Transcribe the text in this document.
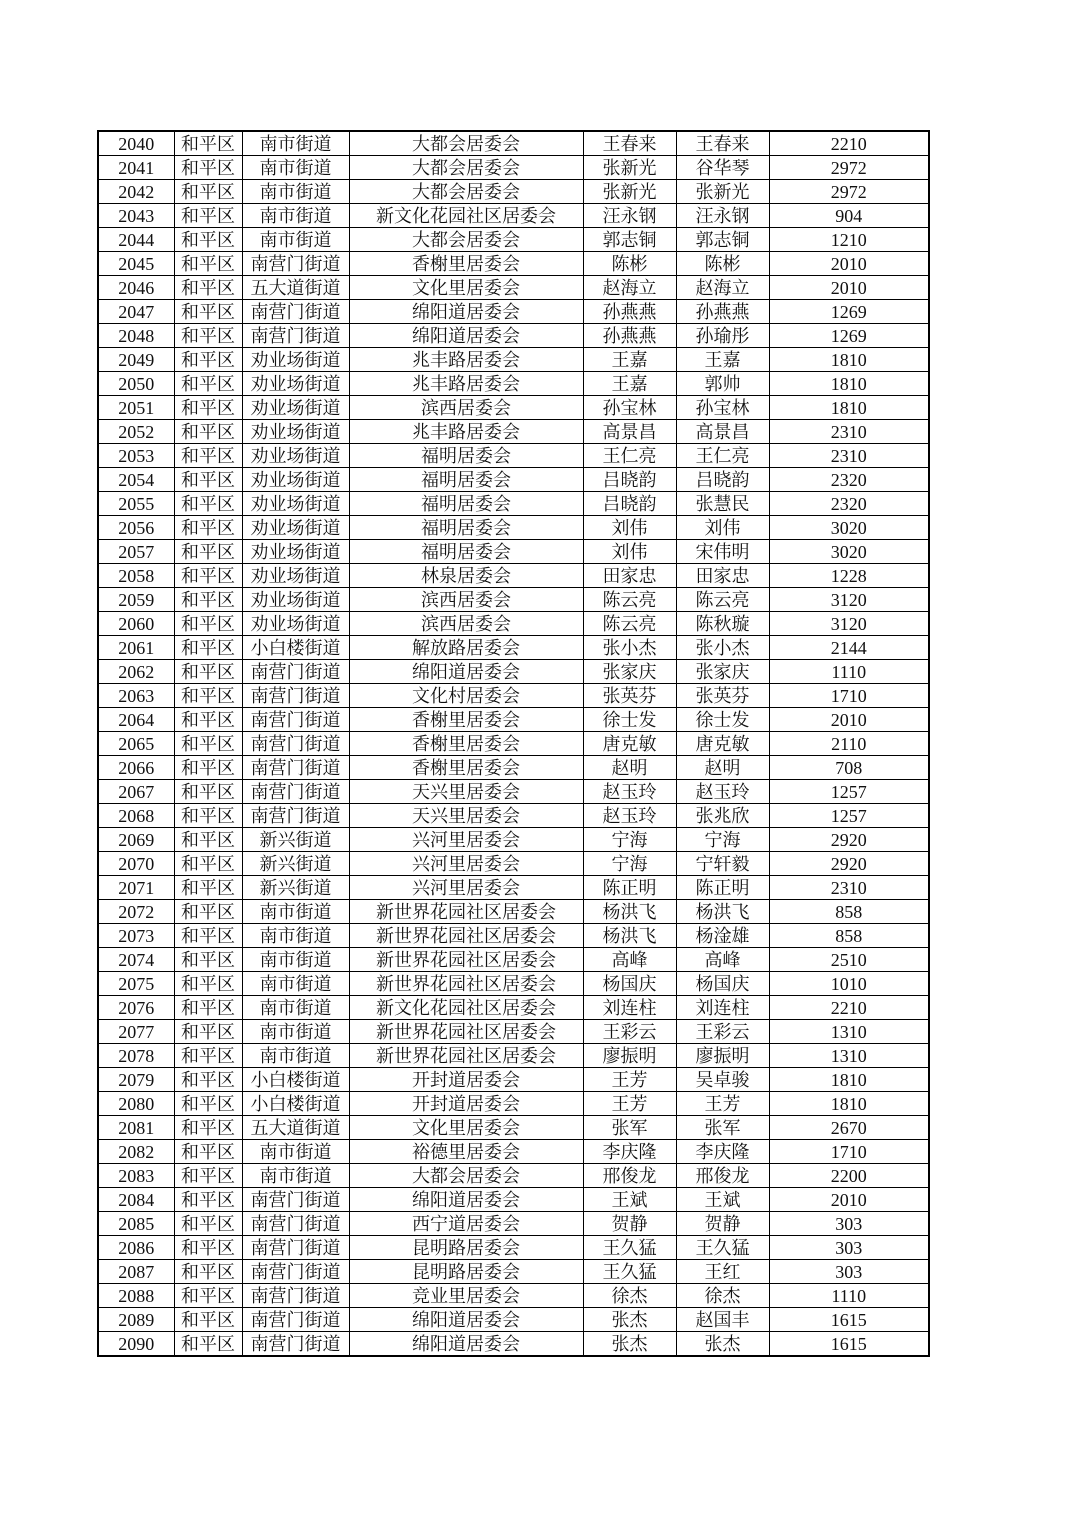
2040	和平区	南市街道	大都会居委会	王春来	王春来	2210
2041	和平区	南市街道	大都会居委会	张新光	谷华琴	2972
2042	和平区	南市街道	大都会居委会	张新光	张新光	2972
2043	和平区	南市街道	新文化花园社区居委会	汪永钢	汪永钢	904
2044	和平区	南市街道	大都会居委会	郭志铜	郭志铜	1210
2045	和平区	南营门街道	香榭里居委会	陈彬	陈彬	2010
2046	和平区	五大道街道	文化里居委会	赵海立	赵海立	2010
2047	和平区	南营门街道	绵阳道居委会	孙燕燕	孙燕燕	1269
2048	和平区	南营门街道	绵阳道居委会	孙燕燕	孙瑜彤	1269
2049	和平区	劝业场街道	兆丰路居委会	王嘉	王嘉	1810
2050	和平区	劝业场街道	兆丰路居委会	王嘉	郭帅	1810
2051	和平区	劝业场街道	滨西居委会	孙宝林	孙宝林	1810
2052	和平区	劝业场街道	兆丰路居委会	高景昌	高景昌	2310
2053	和平区	劝业场街道	福明居委会	王仁亮	王仁亮	2310
2054	和平区	劝业场街道	福明居委会	吕晓韵	吕晓韵	2320
2055	和平区	劝业场街道	福明居委会	吕晓韵	张慧民	2320
2056	和平区	劝业场街道	福明居委会	刘伟	刘伟	3020
2057	和平区	劝业场街道	福明居委会	刘伟	宋伟明	3020
2058	和平区	劝业场街道	林泉居委会	田家忠	田家忠	1228
2059	和平区	劝业场街道	滨西居委会	陈云亮	陈云亮	3120
2060	和平区	劝业场街道	滨西居委会	陈云亮	陈秋璇	3120
2061	和平区	小白楼街道	解放路居委会	张小杰	张小杰	2144
2062	和平区	南营门街道	绵阳道居委会	张家庆	张家庆	1110
2063	和平区	南营门街道	文化村居委会	张英芬	张英芬	1710
2064	和平区	南营门街道	香榭里居委会	徐士发	徐士发	2010
2065	和平区	南营门街道	香榭里居委会	唐克敏	唐克敏	2110
2066	和平区	南营门街道	香榭里居委会	赵明	赵明	708
2067	和平区	南营门街道	天兴里居委会	赵玉玲	赵玉玲	1257
2068	和平区	南营门街道	天兴里居委会	赵玉玲	张兆欣	1257
2069	和平区	新兴街道	兴河里居委会	宁海	宁海	2920
2070	和平区	新兴街道	兴河里居委会	宁海	宁轩毅	2920
2071	和平区	新兴街道	兴河里居委会	陈正明	陈正明	2310
2072	和平区	南市街道	新世界花园社区居委会	杨洪飞	杨洪飞	858
2073	和平区	南市街道	新世界花园社区居委会	杨洪飞	杨淦雄	858
2074	和平区	南市街道	新世界花园社区居委会	高峰	高峰	2510
2075	和平区	南市街道	新世界花园社区居委会	杨国庆	杨国庆	1010
2076	和平区	南市街道	新文化花园社区居委会	刘连柱	刘连柱	2210
2077	和平区	南市街道	新世界花园社区居委会	王彩云	王彩云	1310
2078	和平区	南市街道	新世界花园社区居委会	廖振明	廖振明	1310
2079	和平区	小白楼街道	开封道居委会	王芳	吴卓骏	1810
2080	和平区	小白楼街道	开封道居委会	王芳	王芳	1810
2081	和平区	五大道街道	文化里居委会	张军	张军	2670
2082	和平区	南市街道	裕德里居委会	李庆隆	李庆隆	1710
2083	和平区	南市街道	大都会居委会	邢俊龙	邢俊龙	2200
2084	和平区	南营门街道	绵阳道居委会	王斌	王斌	2010
2085	和平区	南营门街道	西宁道居委会	贺静	贺静	303
2086	和平区	南营门街道	昆明路居委会	王久猛	王久猛	303
2087	和平区	南营门街道	昆明路居委会	王久猛	王红	303
2088	和平区	南营门街道	竞业里居委会	徐杰	徐杰	1110
2089	和平区	南营门街道	绵阳道居委会	张杰	赵国丰	1615
2090	和平区	南营门街道	绵阳道居委会	张杰	张杰	1615
